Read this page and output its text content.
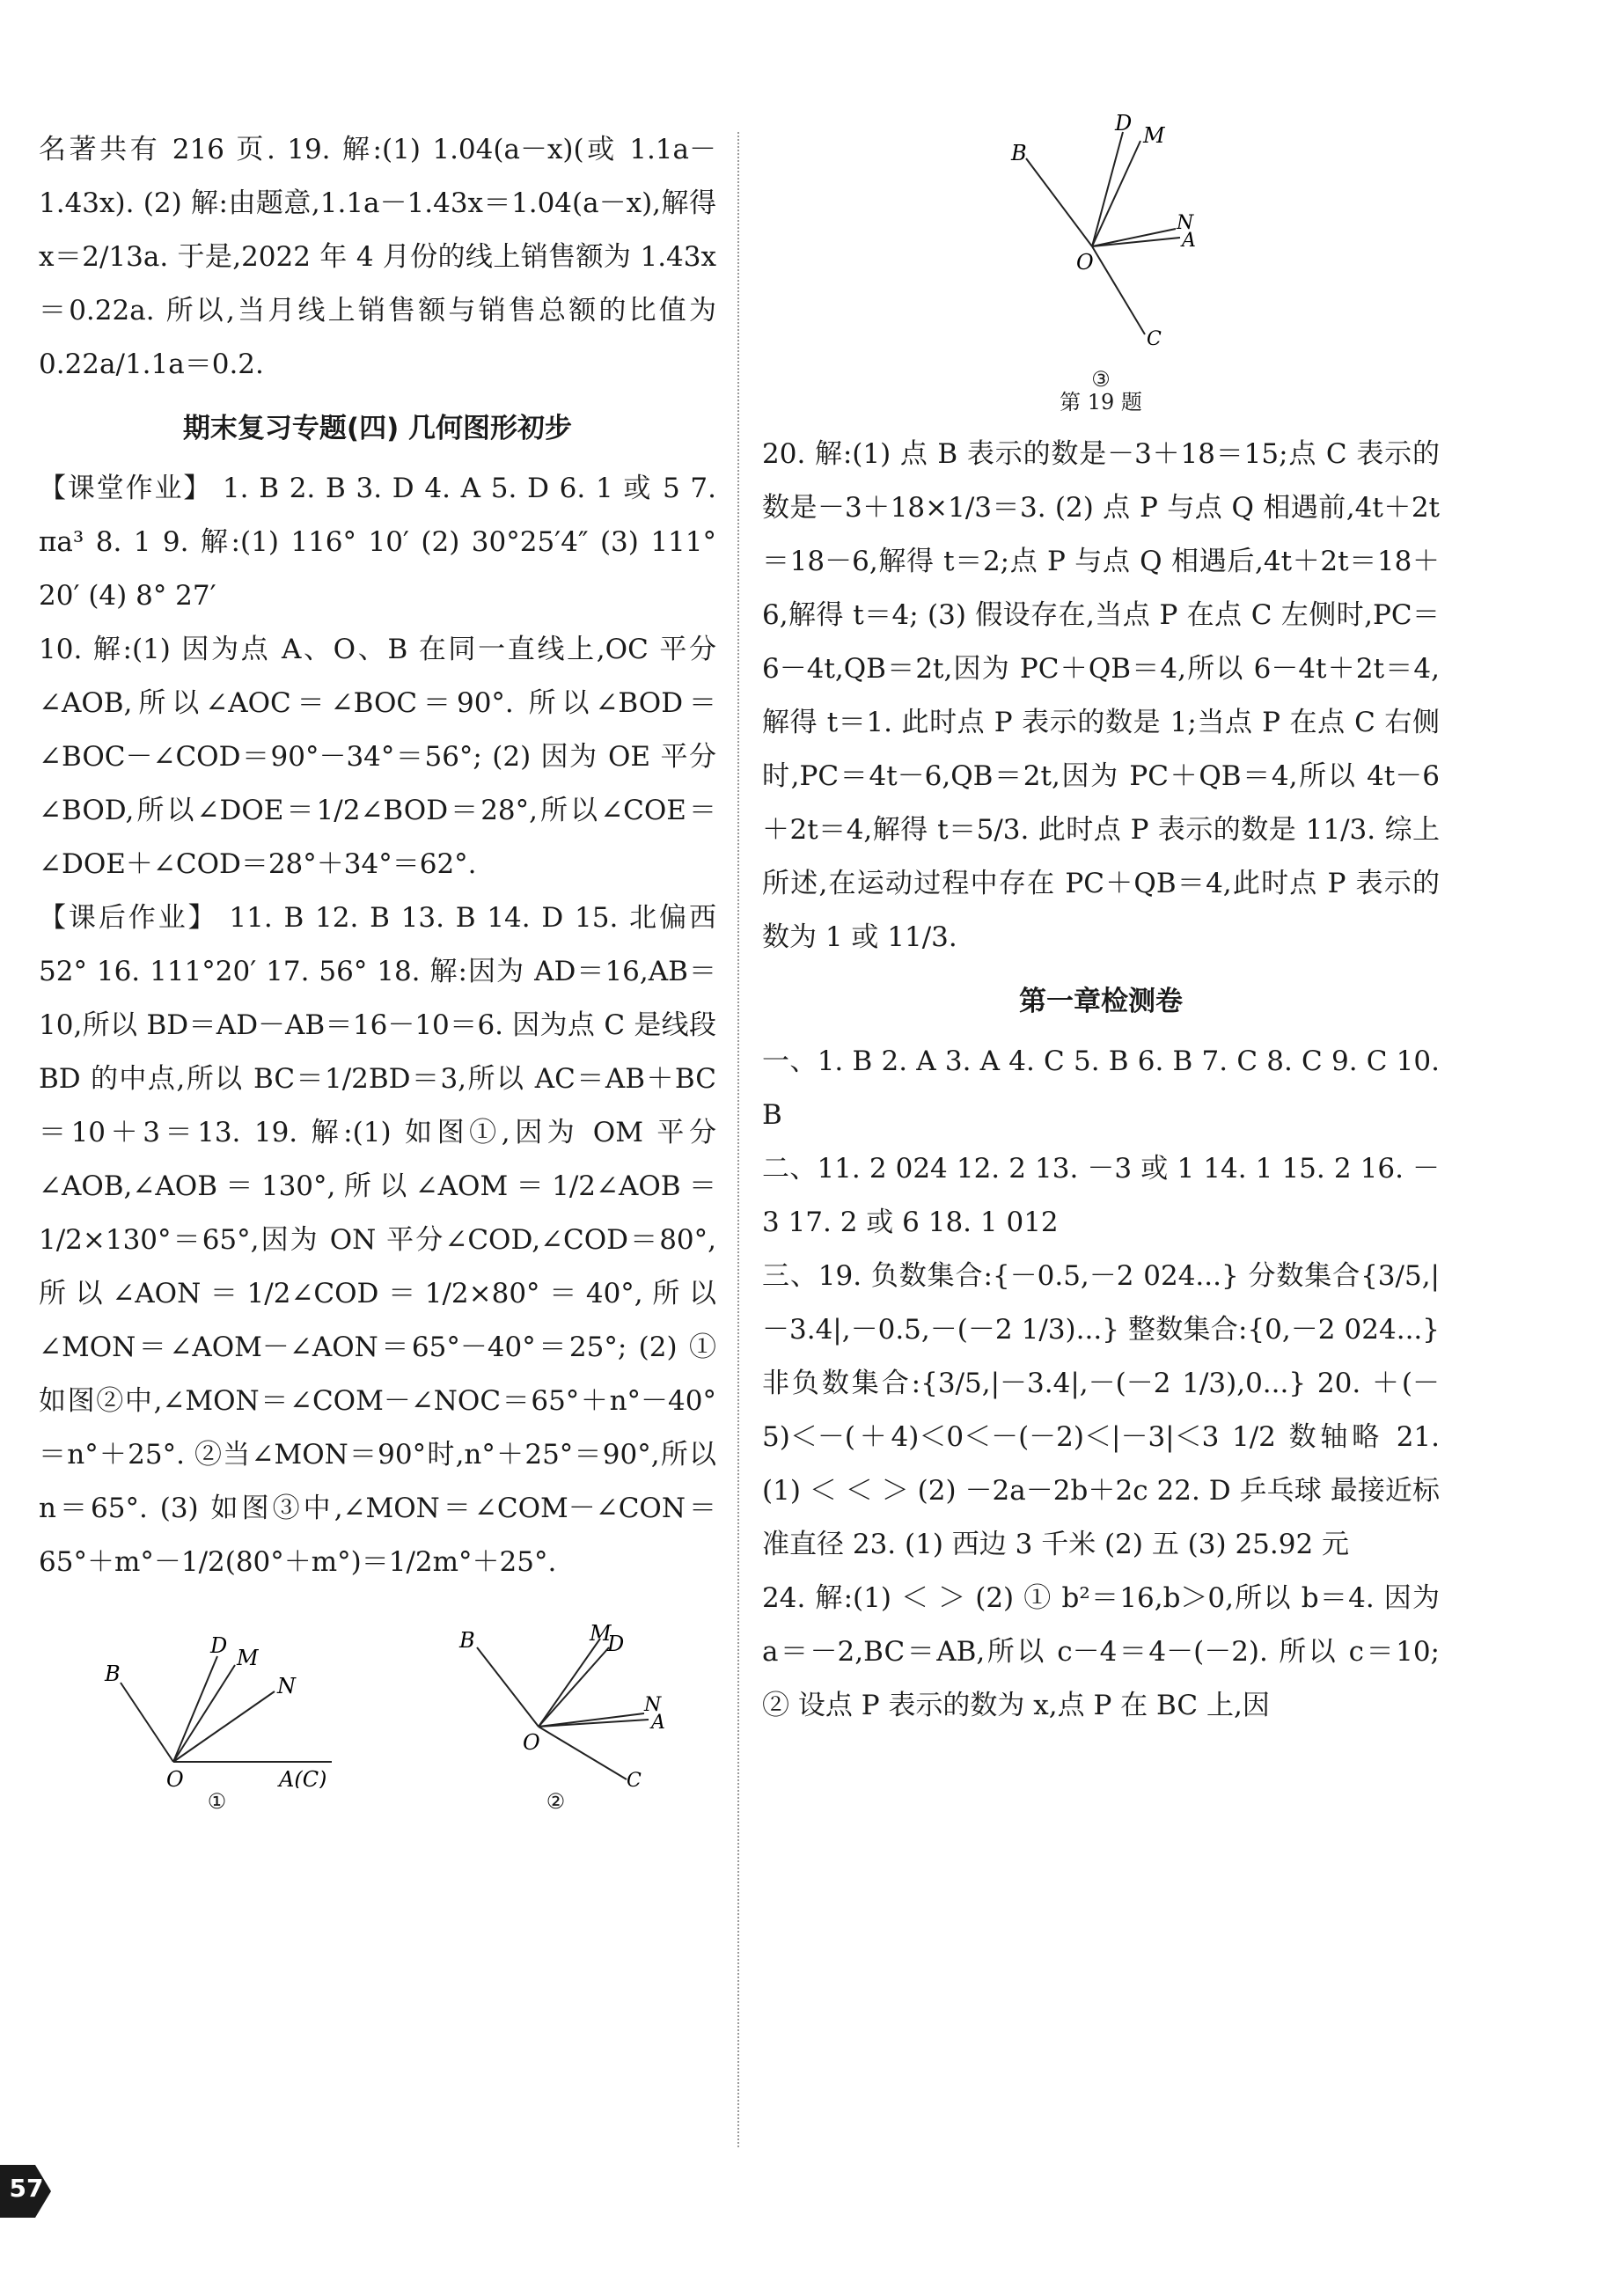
名著共有 216 页. 19. 解:(1) 1.04(a－x)(或 1.1a－1.43x). (2) 解:由题意,1.1a－1.43x＝1.04(a－x),解得 x＝2/13a. 于是,2022 年 4 月份的线上销售额为 1.43x＝0.22a. 所以,当月线上销售额与销售总额的比值为 0.22a/1.1a＝0.2.

期末复习专题(四) 几何图形初步

【课堂作业】 1. B 2. B 3. D 4. A 5. D 6. 1 或 5 7. πa³ 8. 1 9. 解:(1) 116° 10′ (2) 30°25′4″ (3) 111° 20′ (4) 8° 27′

10. 解:(1) 因为点 A、O、B 在同一直线上,OC 平分∠AOB,所以∠AOC＝∠BOC＝90°. 所以∠BOD＝∠BOC－∠COD＝90°－34°＝56°; (2) 因为 OE 平分∠BOD,所以∠DOE＝1/2∠BOD＝28°,所以∠COE＝∠DOE＋∠COD＝28°＋34°＝62°.

【课后作业】 11. B 12. B 13. B 14. D 15. 北偏西 52° 16. 111°20′ 17. 56° 18. 解:因为 AD＝16,AB＝10,所以 BD＝AD－AB＝16－10＝6. 因为点 C 是线段 BD 的中点,所以 BC＝1/2BD＝3,所以 AC＝AB＋BC＝10＋3＝13. 19. 解:(1) 如图①,因为 OM 平分∠AOB,∠AOB＝130°,所以∠AOM＝1/2∠AOB＝1/2×130°＝65°,因为 ON 平分∠COD,∠COD＝80°,所以∠AON＝1/2∠COD＝1/2×80°＝40°,所以∠MON＝∠AOM－∠AON＝65°－40°＝25°; (2) ①如图②中,∠MON＝∠COM－∠NOC＝65°＋n°－40°＝n°＋25°. ②当∠MON＝90°时,n°＋25°＝90°,所以 n＝65°. (3) 如图③中,∠MON＝∠COM－∠CON＝65°＋m°－1/2(80°＋m°)＝1/2m°＋25°.

B
D M
N
O	A(C)
①
B	M
D
N
A
O
C
②
B
D M
N
A
O
C
③
第 19 题

20. 解:(1) 点 B 表示的数是－3＋18＝15;点 C 表示的数是－3＋18×1/3＝3. (2) 点 P 与点 Q 相遇前,4t＋2t＝18－6,解得 t＝2;点 P 与点 Q 相遇后,4t＋2t＝18＋6,解得 t＝4; (3) 假设存在,当点 P 在点 C 左侧时,PC＝6－4t,QB＝2t,因为 PC＋QB＝4,所以 6－4t＋2t＝4,解得 t＝1. 此时点 P 表示的数是 1;当点 P 在点 C 右侧时,PC＝4t－6,QB＝2t,因为 PC＋QB＝4,所以 4t－6＋2t＝4,解得 t＝5/3. 此时点 P 表示的数是 11/3. 综上所述,在运动过程中存在 PC＋QB＝4,此时点 P 表示的数为 1 或 11/3.

第一章检测卷

一、1. B 2. A 3. A 4. C 5. B 6. B 7. C 8. C 9. C 10. B

二、11. 2 024 12. 2 13. －3 或 1 14. 1 15. 2 16. －3 17. 2 或 6 18. 1 012

三、19. 负数集合:{－0.5,－2 024...} 分数集合{3/5,|－3.4|,－0.5,－(－2 1/3)...} 整数集合:{0,－2 024...} 非负数集合:{3/5,|－3.4|,－(－2 1/3),0...} 20. ＋(－5)＜－(＋4)＜0＜－(－2)＜|－3|＜3 1/2 数轴略 21. (1) ＜ ＜ ＞ (2) －2a－2b＋2c 22. D 乒乓球 最接近标准直径 23. (1) 西边 3 千米 (2) 五 (3) 25.92 元

24. 解:(1) ＜ ＞ (2) ① b²＝16,b＞0,所以 b＝4. 因为 a＝－2,BC＝AB,所以 c－4＝4－(－2). 所以 c＝10; ② 设点 P 表示的数为 x,点 P 在 BC 上,因

57
